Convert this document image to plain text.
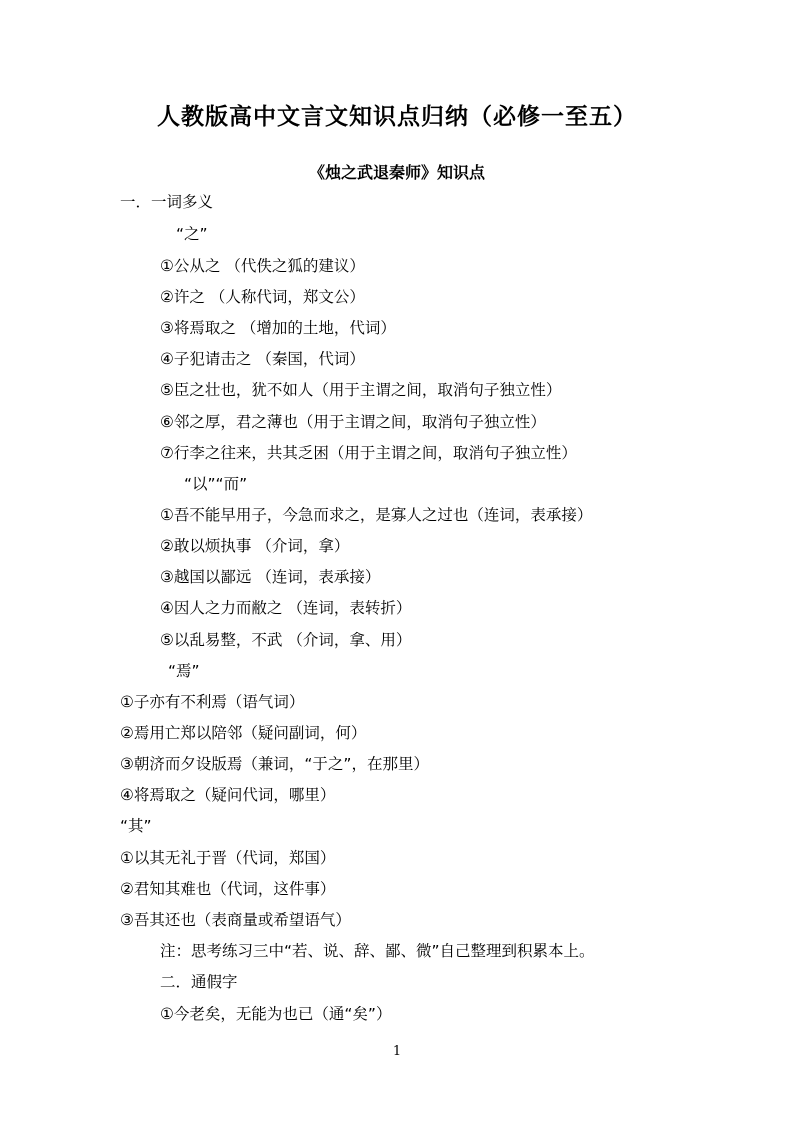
人教版高中文言文知识点归纳（必修一至五）
《烛之武退秦师》知识点
一．一词多义
“之”
①公从之 （代佚之狐的建议）
②许之 （人称代词，郑文公）
③将焉取之 （增加的土地，代词）
④子犯请击之 （秦国，代词）
⑤臣之壮也，犹不如人（用于主谓之间，取消句子独立性）
⑥邻之厚，君之薄也（用于主谓之间，取消句子独立性）
⑦行李之往来，共其乏困（用于主谓之间，取消句子独立性）
“以”“而”
①吾不能早用子，今急而求之，是寡人之过也（连词，表承接）
②敢以烦执事 （介词，拿）
③越国以鄙远 （连词，表承接）
④因人之力而敝之 （连词，表转折）
⑤以乱易整，不武 （介词，拿、用）
“焉”
①子亦有不利焉（语气词）
②焉用亡郑以陪邻（疑问副词，何）
③朝济而夕设版焉（兼词，“于之”，在那里）
④将焉取之（疑问代词，哪里）
“其”
①以其无礼于晋（代词，郑国）
②君知其难也（代词，这件事）
③吾其还也（表商量或希望语气）
注：思考练习三中“若、说、辞、鄙、微”自己整理到积累本上。
二．通假字
①今老矣，无能为也已（通“矣”）
1
